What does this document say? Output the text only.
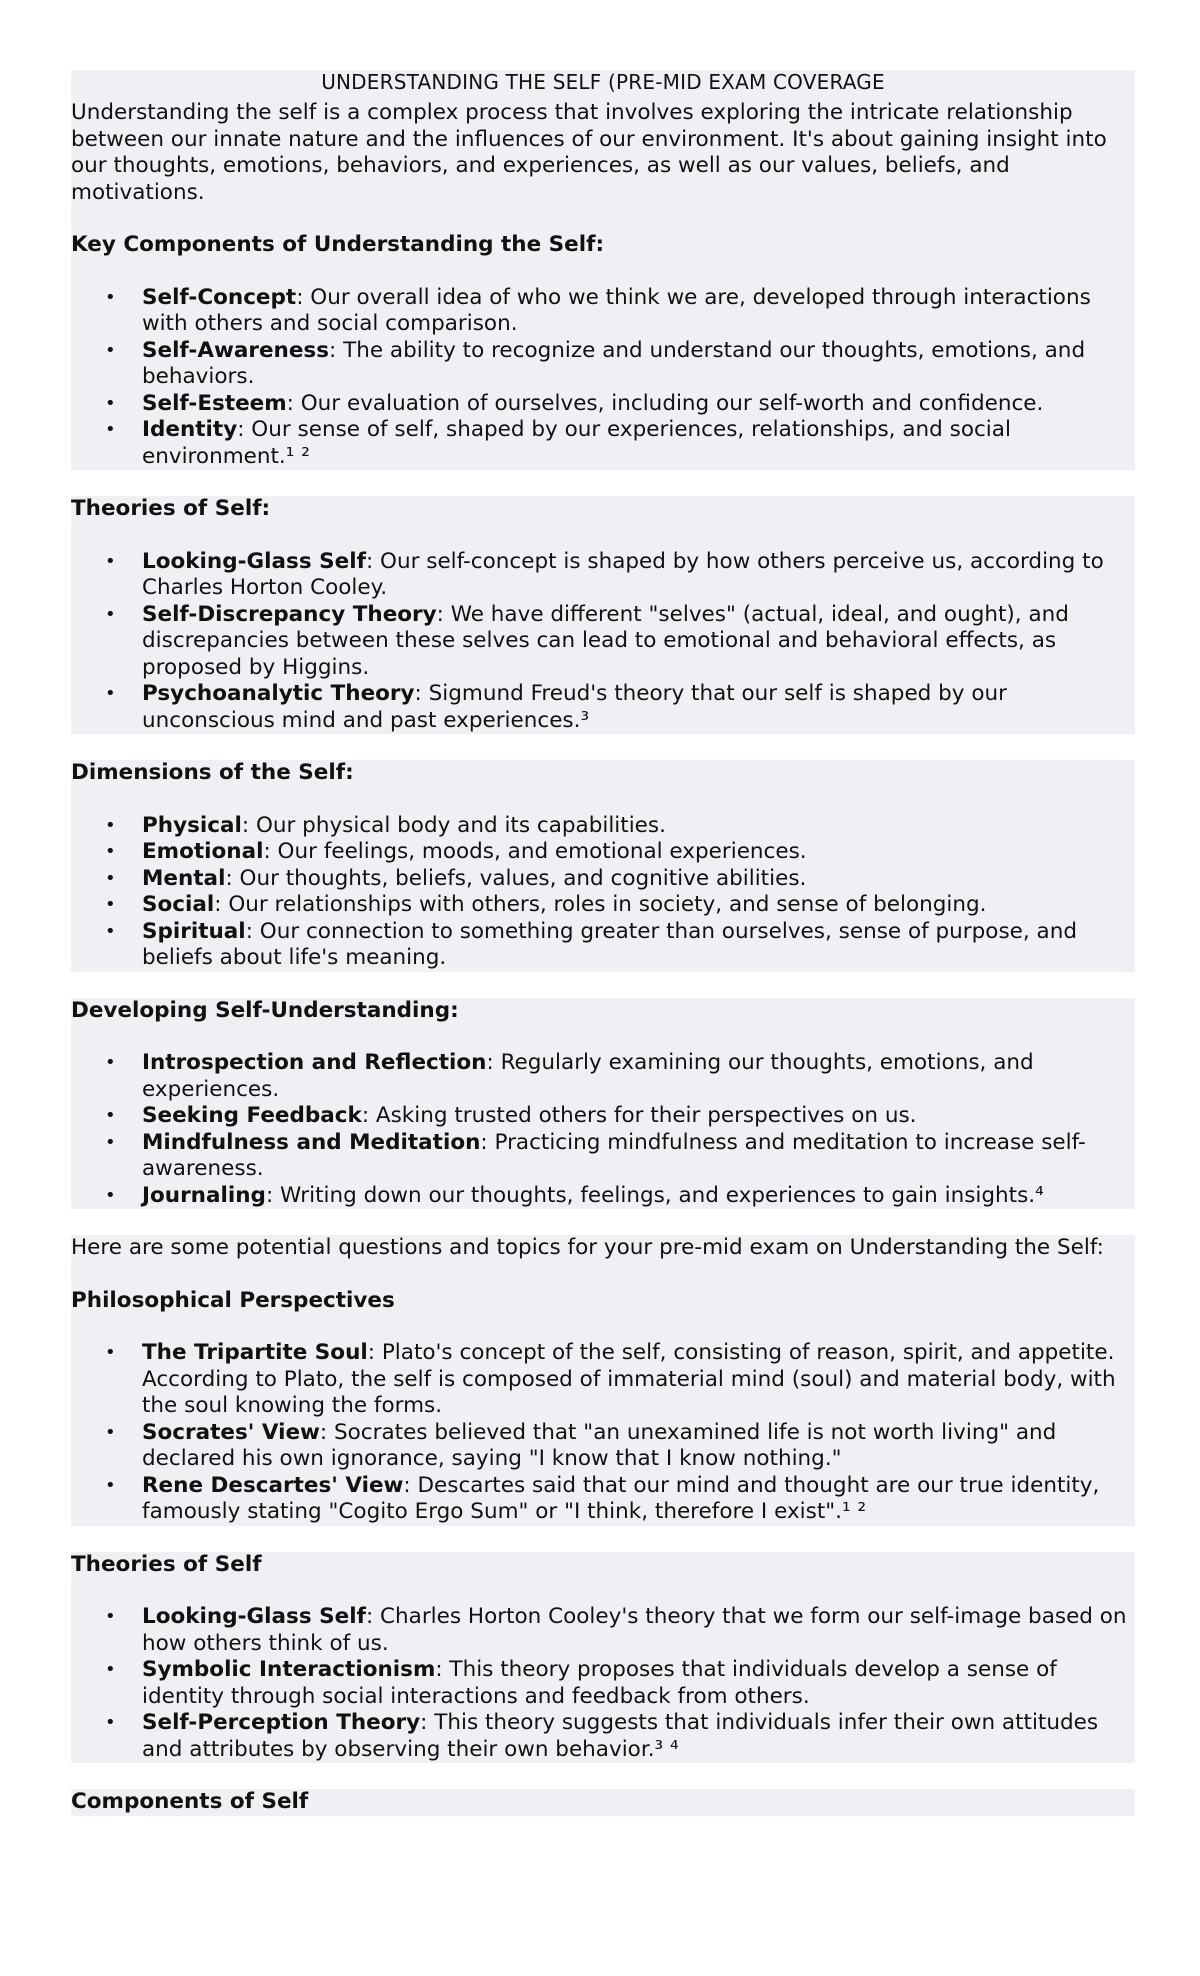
UNDERSTANDING THE SELF (PRE-MID EXAM COVERAGE

Understanding the self is a complex process that involves exploring the intricate relationship between our innate nature and the influences of our environment. It's about gaining insight into our thoughts, emotions, behaviors, and experiences, as well as our values, beliefs, and motivations.

Key Components of Understanding the Self:
• Self-Concept: Our overall idea of who we think we are, developed through interactions with others and social comparison.
• Self-Awareness: The ability to recognize and understand our thoughts, emotions, and behaviors.
• Self-Esteem: Our evaluation of ourselves, including our self-worth and confidence.
• Identity: Our sense of self, shaped by our experiences, relationships, and social environment.¹ ²
Theories of Self:
• Looking-Glass Self: Our self-concept is shaped by how others perceive us, according to Charles Horton Cooley.
• Self-Discrepancy Theory: We have different "selves" (actual, ideal, and ought), and discrepancies between these selves can lead to emotional and behavioral effects, as proposed by Higgins.
• Psychoanalytic Theory: Sigmund Freud's theory that our self is shaped by our unconscious mind and past experiences.³
Dimensions of the Self:
• Physical: Our physical body and its capabilities.
• Emotional: Our feelings, moods, and emotional experiences.
• Mental: Our thoughts, beliefs, values, and cognitive abilities.
• Social: Our relationships with others, roles in society, and sense of belonging.
• Spiritual: Our connection to something greater than ourselves, sense of purpose, and beliefs about life's meaning.
Developing Self-Understanding:
• Introspection and Reflection: Regularly examining our thoughts, emotions, and experiences.
• Seeking Feedback: Asking trusted others for their perspectives on us.
• Mindfulness and Meditation: Practicing mindfulness and meditation to increase self-awareness.
• Journaling: Writing down our thoughts, feelings, and experiences to gain insights.⁴

Here are some potential questions and topics for your pre-mid exam on Understanding the Self:

Philosophical Perspectives
• The Tripartite Soul: Plato's concept of the self, consisting of reason, spirit, and appetite. According to Plato, the self is composed of immaterial mind (soul) and material body, with the soul knowing the forms.
• Socrates' View: Socrates believed that "an unexamined life is not worth living" and declared his own ignorance, saying "I know that I know nothing."
• Rene Descartes' View: Descartes said that our mind and thought are our true identity, famously stating "Cogito Ergo Sum" or "I think, therefore I exist".¹ ²
Theories of Self
• Looking-Glass Self: Charles Horton Cooley's theory that we form our self-image based on how others think of us.
• Symbolic Interactionism: This theory proposes that individuals develop a sense of identity through social interactions and feedback from others.
• Self-Perception Theory: This theory suggests that individuals infer their own attitudes and attributes by observing their own behavior.³ ⁴
Components of Self
